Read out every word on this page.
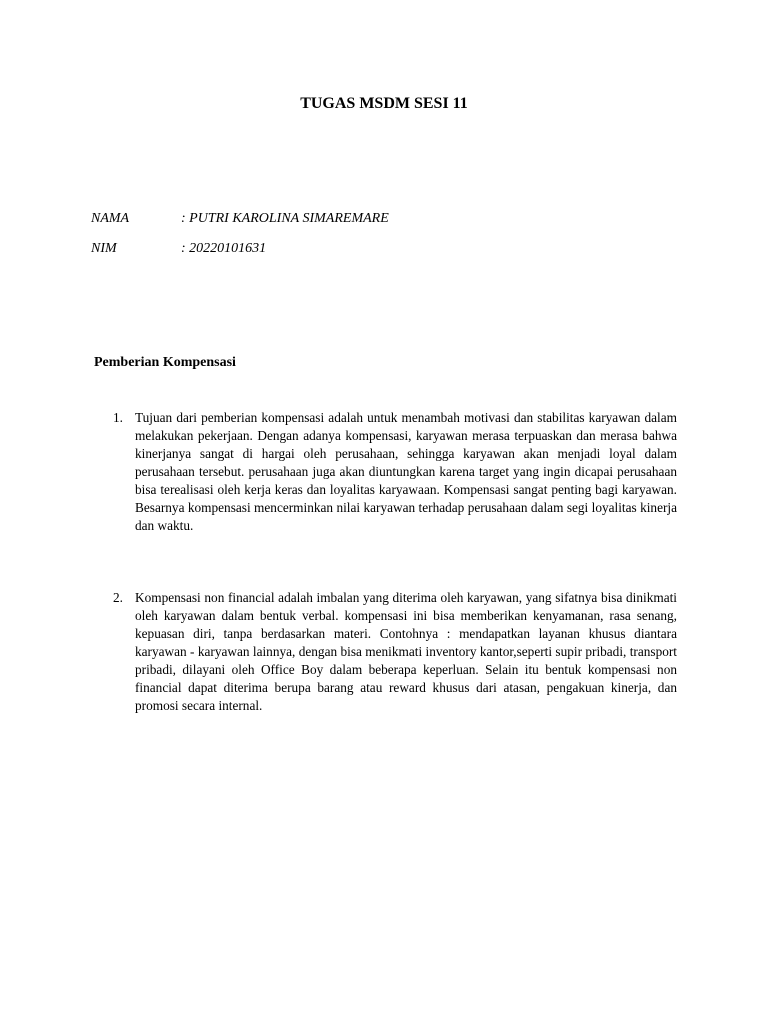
TUGAS MSDM SESI 11
NAMA	: PUTRI KAROLINA SIMAREMARE
NIM	: 20220101631
Pemberian Kompensasi
1. Tujuan dari pemberian kompensasi adalah untuk menambah motivasi dan stabilitas karyawan dalam melakukan pekerjaan. Dengan adanya kompensasi, karyawan merasa terpuaskan dan merasa bahwa kinerjanya sangat di hargai oleh perusahaan, sehingga karyawan akan menjadi loyal dalam perusahaan tersebut. perusahaan juga akan diuntungkan karena target yang ingin dicapai perusahaan bisa terealisasi oleh kerja keras dan loyalitas karyawaan. Kompensasi sangat penting bagi karyawan. Besarnya kompensasi mencerminkan nilai karyawan terhadap perusahaan dalam segi loyalitas kinerja dan waktu.
2. Kompensasi non financial adalah imbalan yang diterima oleh karyawan, yang sifatnya bisa dinikmati oleh karyawan dalam bentuk verbal. kompensasi ini bisa memberikan kenyamanan, rasa senang, kepuasan diri, tanpa berdasarkan materi. Contohnya : mendapatkan layanan khusus diantara karyawan - karyawan lainnya, dengan bisa menikmati inventory kantor,seperti supir pribadi, transport pribadi, dilayani oleh Office Boy dalam beberapa keperluan. Selain itu bentuk kompensasi non financial dapat diterima berupa barang atau reward khusus dari atasan, pengakuan kinerja, dan promosi secara internal.
